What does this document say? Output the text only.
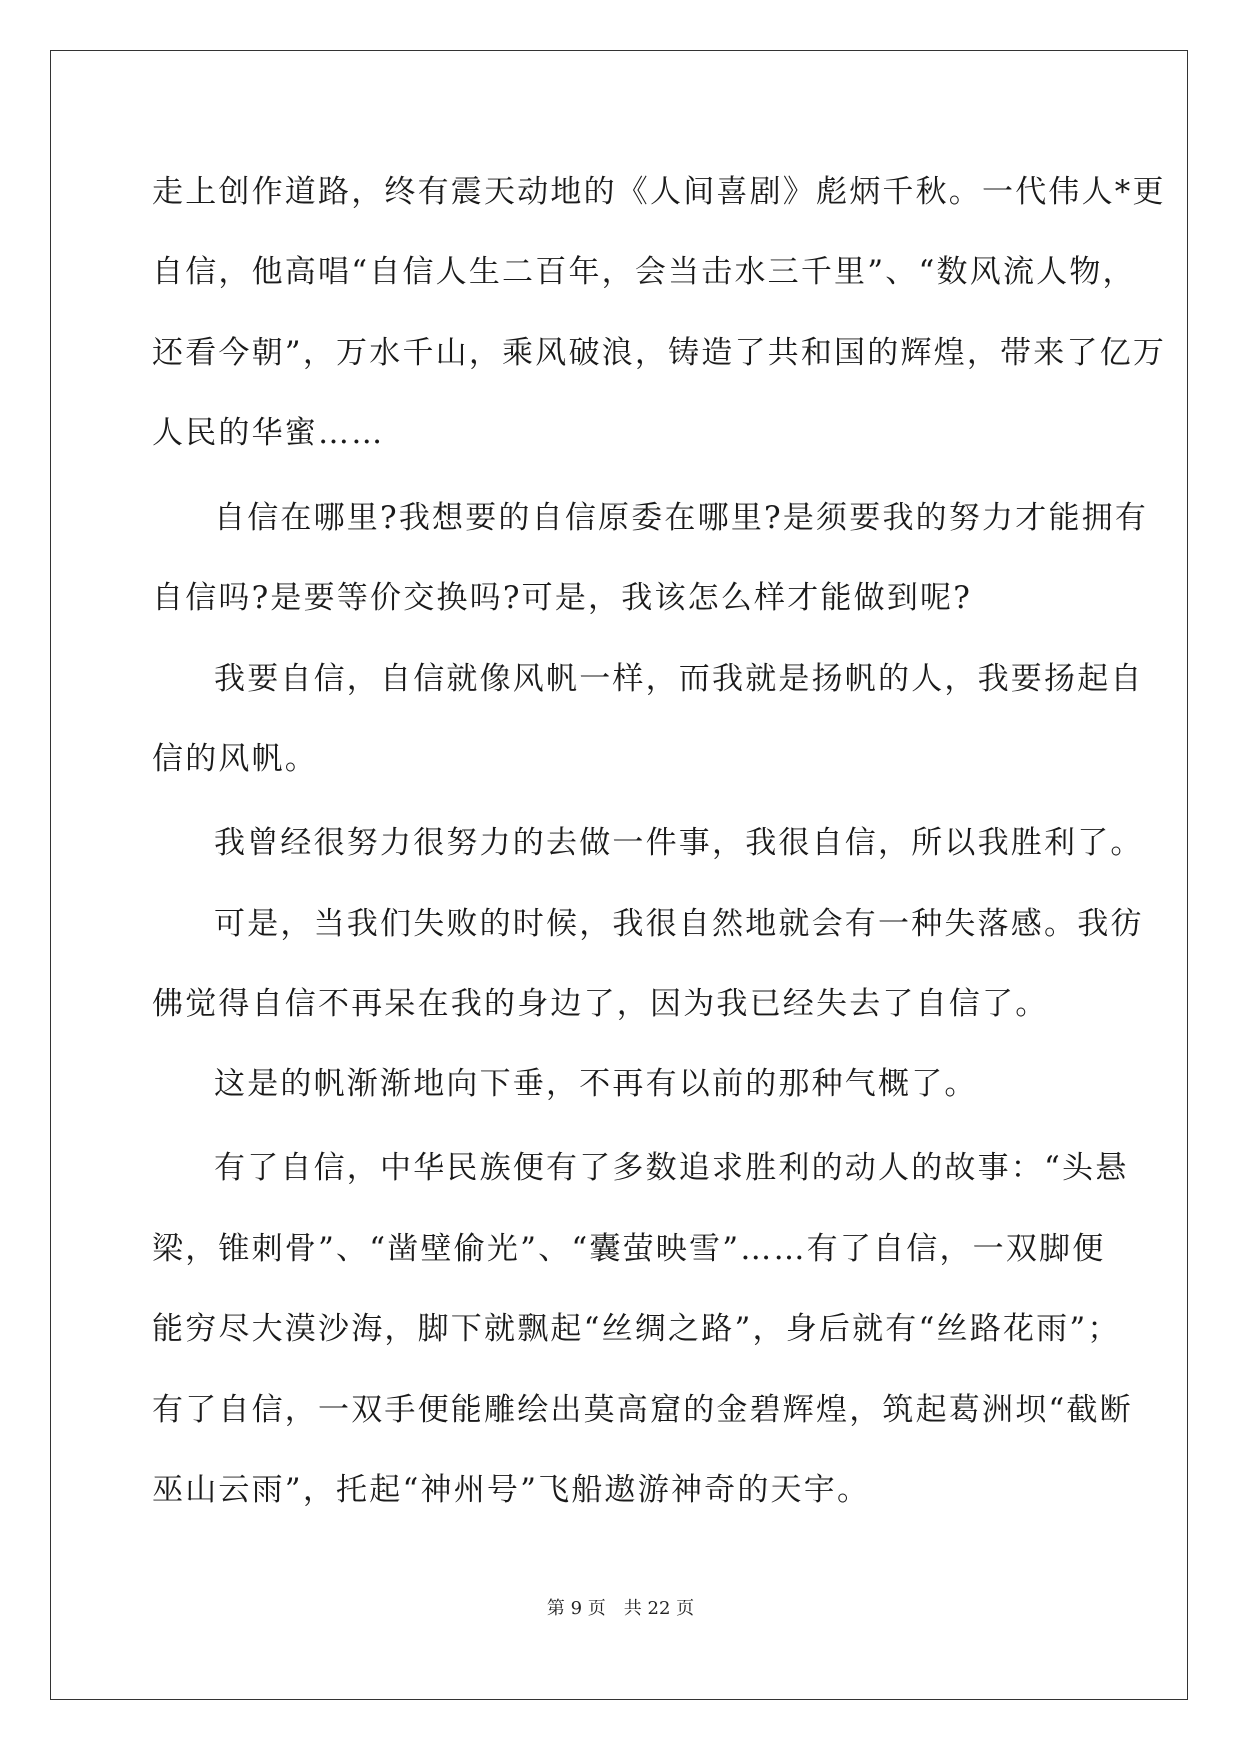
走上创作道路，终有震天动地的《人间喜剧》彪炳千秋。一代伟人*更
自信，他高唱“自信人生二百年，会当击水三千里”、“数风流人物，
还看今朝”，万水千山，乘风破浪，铸造了共和国的辉煌，带来了亿万
人民的华蜜……
自信在哪里?我想要的自信原委在哪里?是须要我的努力才能拥有
自信吗?是要等价交换吗?可是，我该怎么样才能做到呢?
我要自信，自信就像风帆一样，而我就是扬帆的人，我要扬起自
信的风帆。
我曾经很努力很努力的去做一件事，我很自信，所以我胜利了。
可是，当我们失败的时候，我很自然地就会有一种失落感。我彷
佛觉得自信不再呆在我的身边了，因为我已经失去了自信了。
这是的帆渐渐地向下垂，不再有以前的那种气概了。
有了自信，中华民族便有了多数追求胜利的动人的故事：“头悬
梁，锥刺骨”、“凿壁偷光”、“囊萤映雪”……有了自信，一双脚便
能穷尽大漠沙海，脚下就飘起“丝绸之路”，身后就有“丝路花雨”；
有了自信，一双手便能雕绘出莫高窟的金碧辉煌，筑起葛洲坝“截断
巫山云雨”，托起“神州号”飞船遨游神奇的天宇。
第 9 页　共 22 页
